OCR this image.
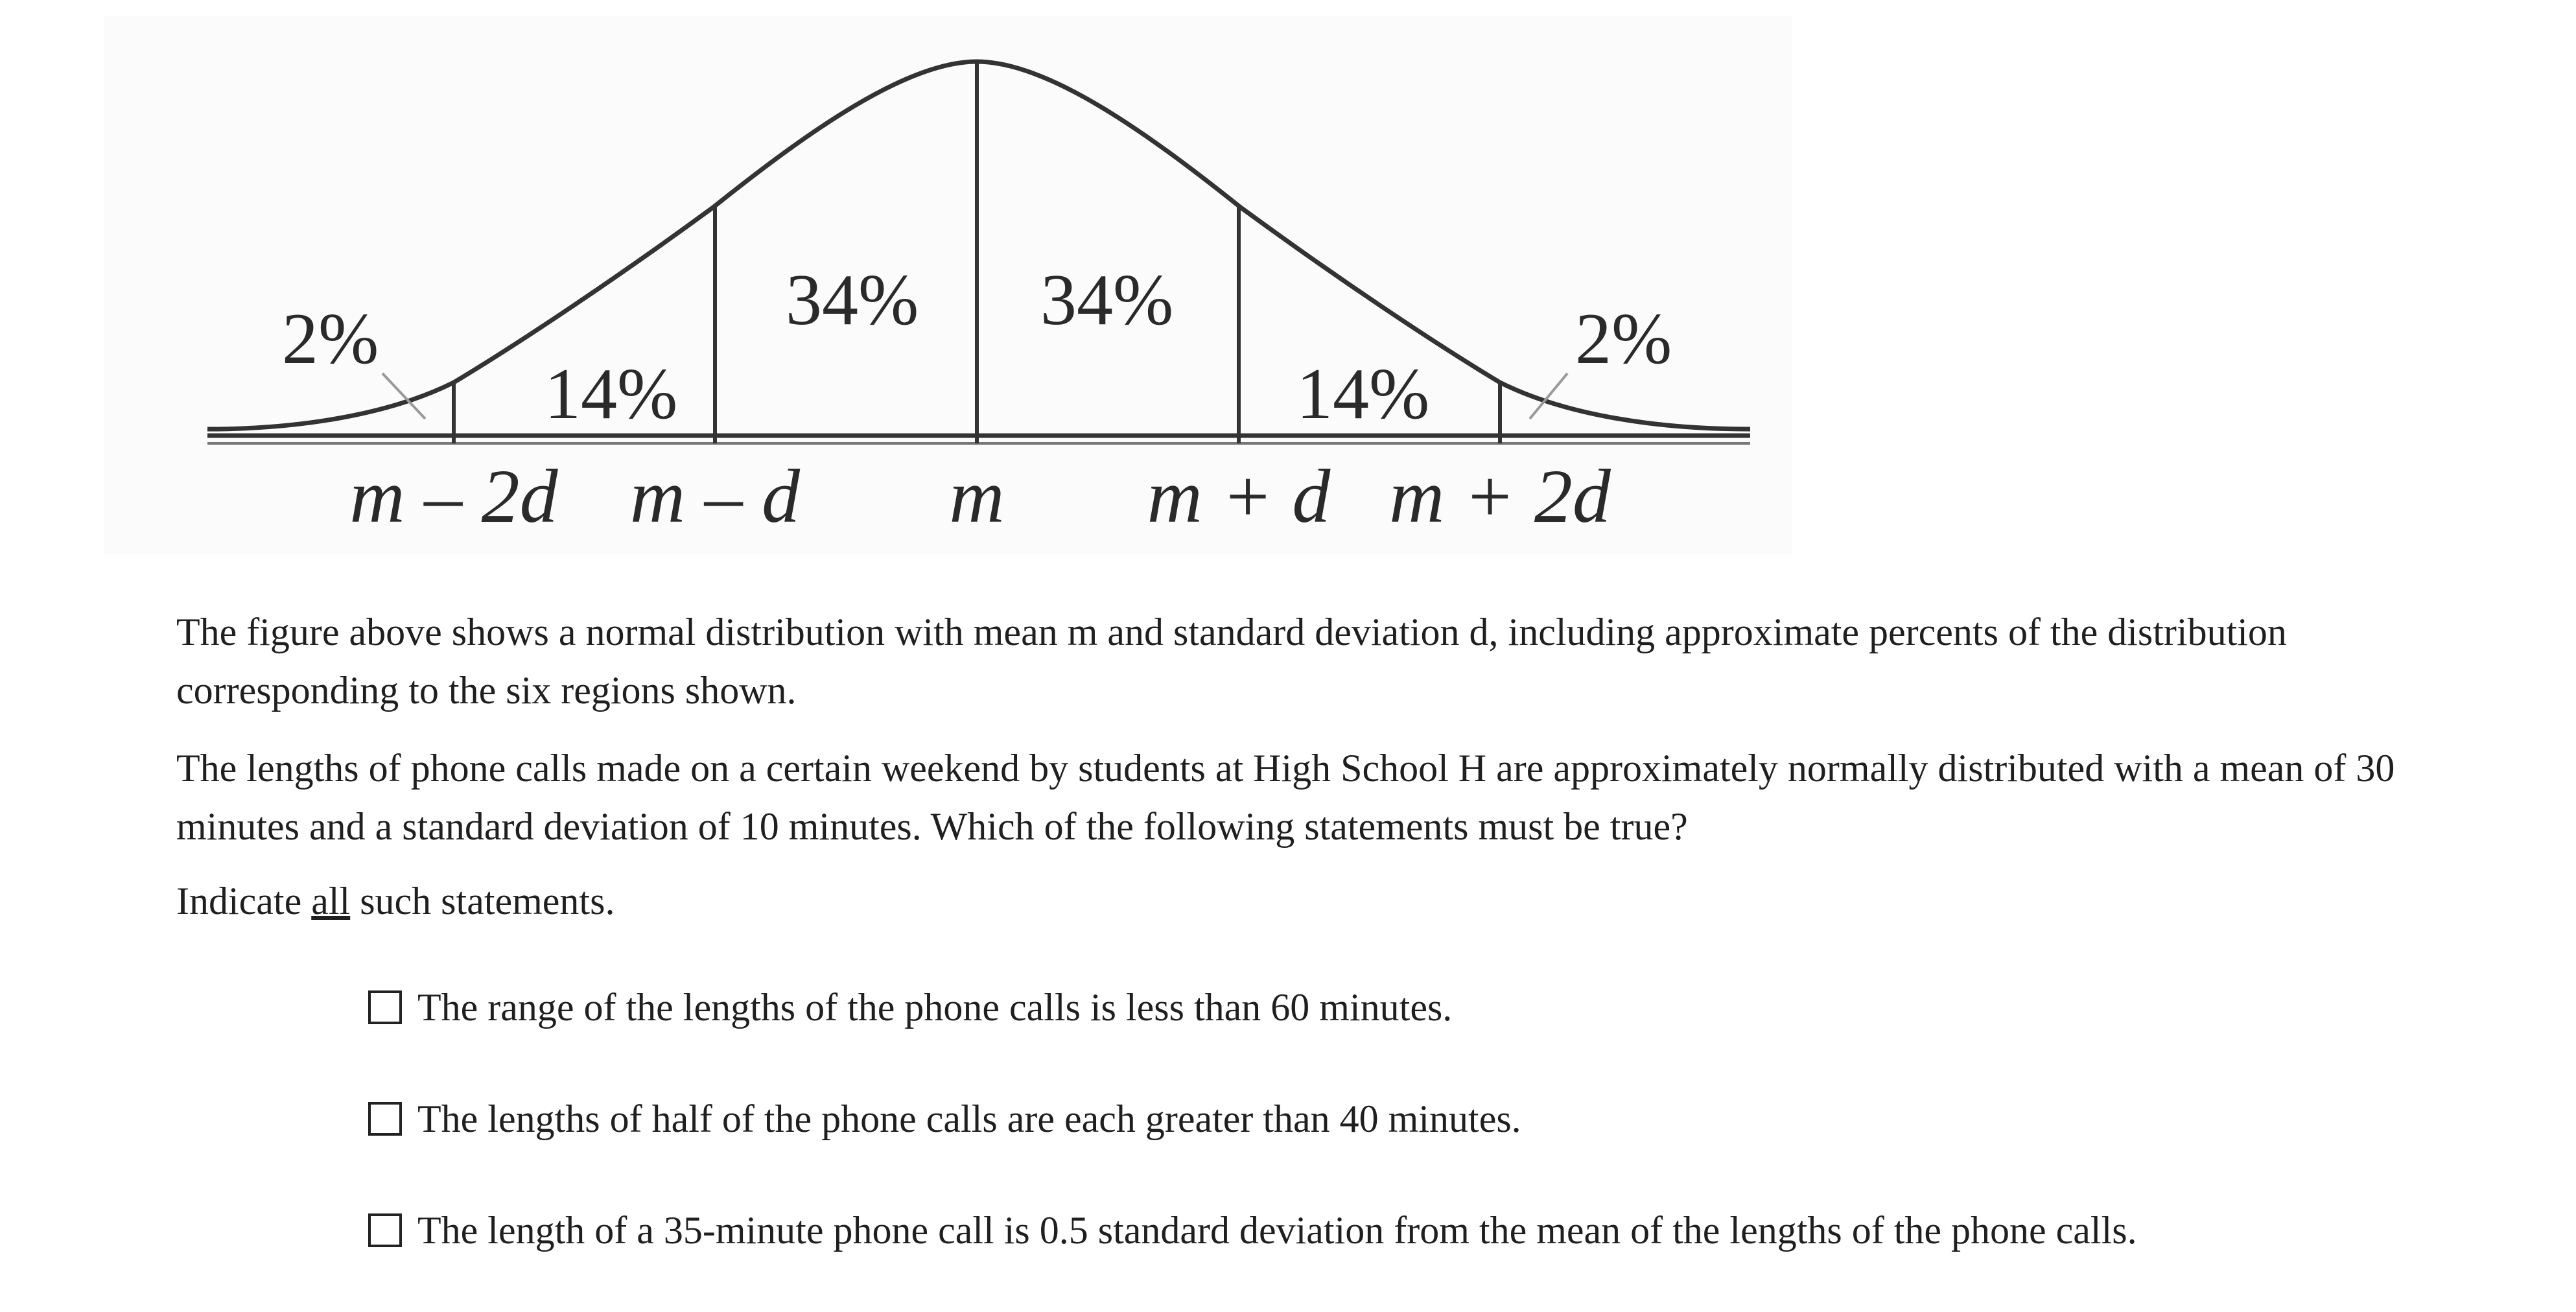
2%
14%
34% 34%
14%
2%
m – 2d m – d m m + d m + 2d
The figure above shows a normal distribution with mean m and standard deviation d, including approximate percents of the distribution corresponding to the six regions shown.
The lengths of phone calls made on a certain weekend by students at High School H are approximately normally distributed with a mean of 30 minutes and a standard deviation of 10 minutes. Which of the following statements must be true?
Indicate all such statements.
The range of the lengths of the phone calls is less than 60 minutes.
The lengths of half of the phone calls are each greater than 40 minutes.
The length of a 35-minute phone call is 0.5 standard deviation from the mean of the lengths of the phone calls.
